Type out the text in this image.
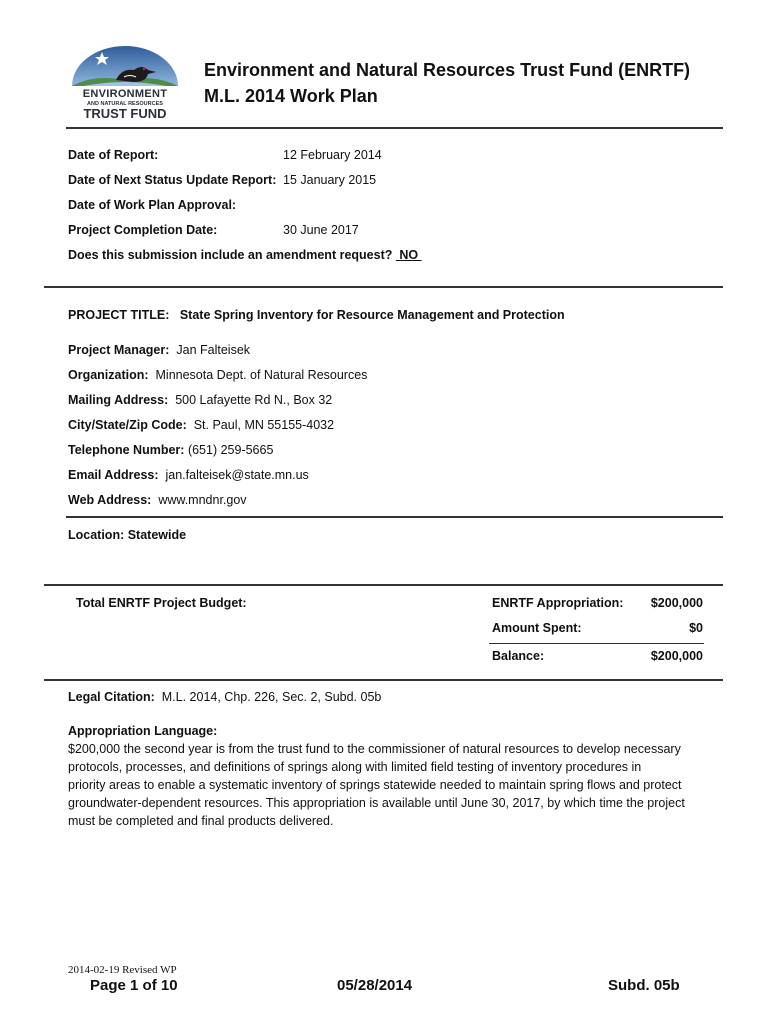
ENVIRONMENT
AND NATURAL RESOURCES
TRUST FUND
Environment and Natural Resources Trust Fund (ENRTF)
M.L. 2014 Work Plan
Date of Report:	12 February 2014
Date of Next Status Update Report: 15 January 2015
Date of Work Plan Approval:
Project Completion Date:	30 June 2017
Does this submission include an amendment request?  NO
PROJECT TITLE: State Spring Inventory for Resource Management and Protection
Project Manager: Jan Falteisek
Organization: Minnesota Dept. of Natural Resources
Mailing Address: 500 Lafayette Rd N., Box 32
City/State/Zip Code: St. Paul, MN 55155-4032
Telephone Number: (651) 259-5665
Email Address: jan.falteisek@state.mn.us
Web Address: www.mndnr.gov
Location: Statewide
Total ENRTF Project Budget:	ENRTF Appropriation:	$200,000
Amount Spent:	$0
Balance:	$200,000
Legal Citation: M.L. 2014, Chp. 226, Sec. 2, Subd. 05b
Appropriation Language:
$200,000 the second year is from the trust fund to the commissioner of natural resources to develop necessary
protocols, processes, and definitions of springs along with limited field testing of inventory procedures in
priority areas to enable a systematic inventory of springs statewide needed to maintain spring flows and protect
groundwater-dependent resources. This appropriation is available until June 30, 2017, by which time the project
must be completed and final products delivered.
2014-02-19 Revised WP
Page 1 of 10	05/28/2014	Subd. 05b
